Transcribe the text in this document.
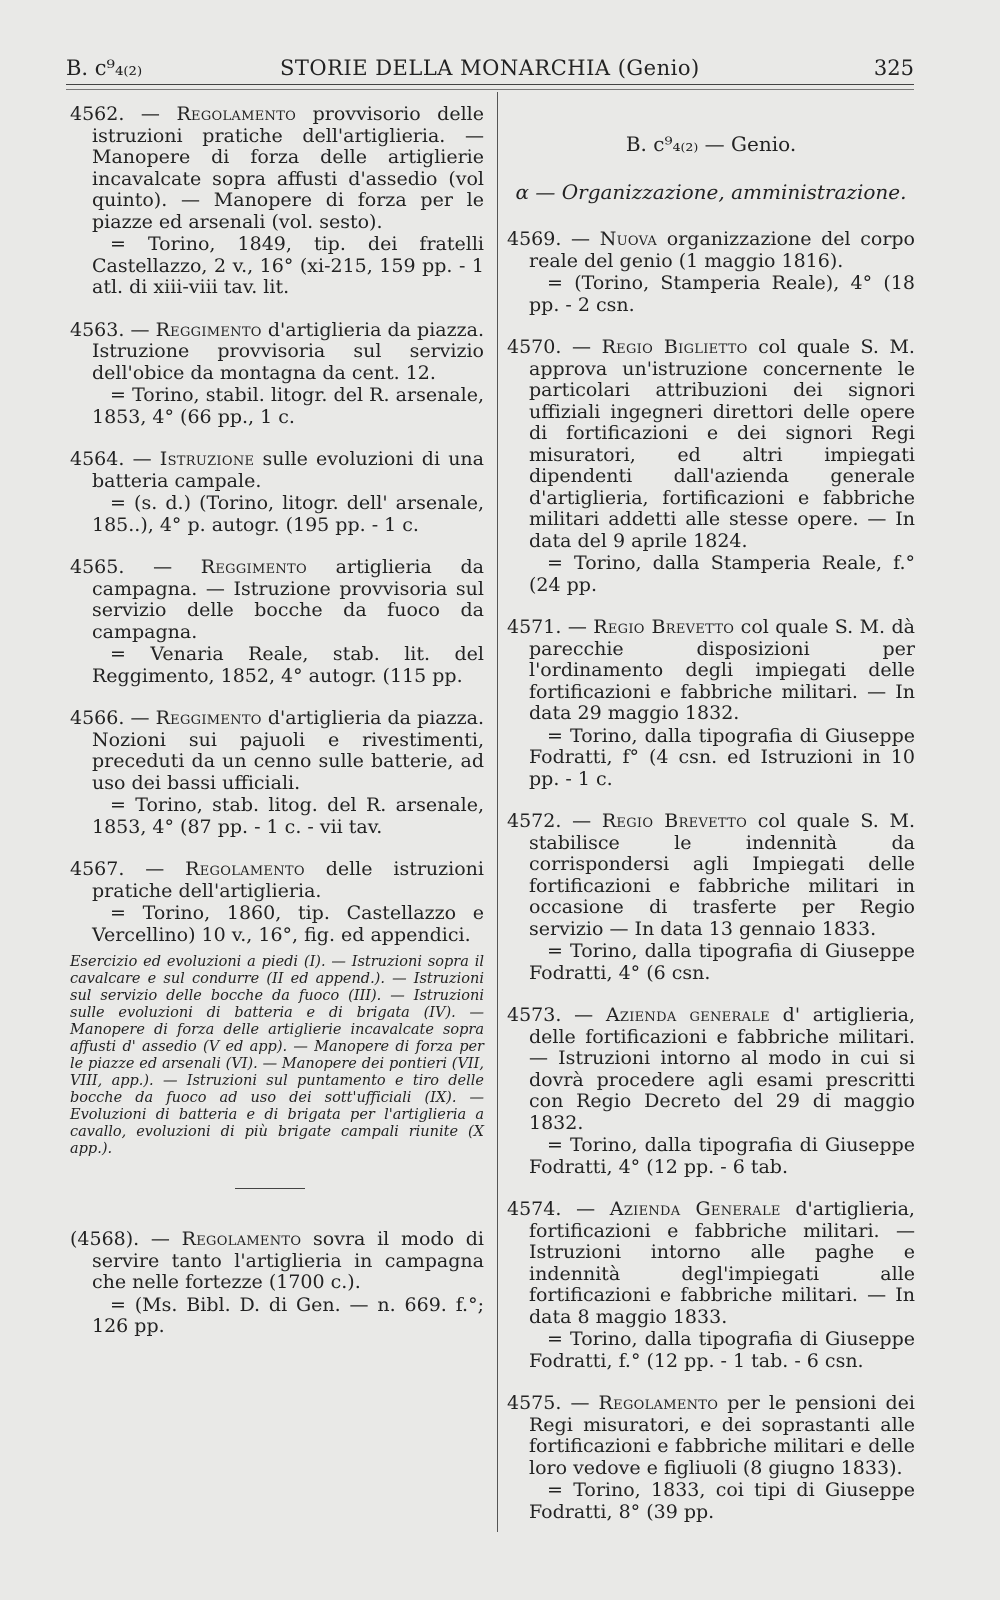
B. c⁹₄₍₂₎	STORIE DELLA MONARCHIA (Genio)	325

4562. — Regolamento provvisorio delle istruzioni pratiche dell'artiglieria. — Manopere di forza delle artiglierie incavalcate sopra affusti d'assedio (vol quinto). — Manopere di forza per le piazze ed arsenali (vol. sesto).

= Torino, 1849, tip. dei fratelli Castellazzo, 2 v., 16° (xi-215, 159 pp. - 1 atl. di xiii-viii tav. lit.

4563. — Reggimento d'artiglieria da piazza. Istruzione provvisoria sul servizio dell'obice da montagna da cent. 12.

= Torino, stabil. litogr. del R. arsenale, 1853, 4° (66 pp., 1 c.

4564. — Istruzione sulle evoluzioni di una batteria campale.

= (s. d.) (Torino, litogr. dell' arsenale, 185..), 4° p. autogr. (195 pp. - 1 c.

4565. — Reggimento artiglieria da campagna. — Istruzione provvisoria sul servizio delle bocche da fuoco da campagna.

= Venaria Reale, stab. lit. del Reggimento, 1852, 4° autogr. (115 pp.

4566. — Reggimento d'artiglieria da piazza. Nozioni sui pajuoli e rivestimenti, preceduti da un cenno sulle batterie, ad uso dei bassi ufficiali.

= Torino, stab. litog. del R. arsenale, 1853, 4° (87 pp. - 1 c. - vii tav.

4567. — Regolamento delle istruzioni pratiche dell'artiglieria.

= Torino, 1860, tip. Castellazzo e Vercellino) 10 v., 16°, fig. ed appendici.

Esercizio ed evoluzioni a piedi (I). — Istruzioni sopra il cavalcare e sul condurre (II ed append.). — Istruzioni sul servizio delle bocche da fuoco (III). — Istruzioni sulle evoluzioni di batteria e di brigata (IV). — Manopere di forza delle artiglierie incavalcate sopra affusti d' assedio (V ed app). — Manopere di forza per le piazze ed arsenali (VI). — Manopere dei pontieri (VII, VIII, app.). — Istruzioni sul puntamento e tiro delle bocche da fuoco ad uso dei sott'ufficiali (IX). — Evoluzioni di batteria e di brigata per l'artiglieria a cavallo, evoluzioni di più brigate campali riunite (X app.).

(4568). — Regolamento sovra il modo di servire tanto l'artiglieria in campagna che nelle fortezze (1700 c.).

= (Ms. Bibl. D. di Gen. — n. 669. f.°; 126 pp.

B. c⁹₄₍₂₎ — Genio.
α — Organizzazione, amministrazione.

4569. — Nuova organizzazione del corpo reale del genio (1 maggio 1816).

= (Torino, Stamperia Reale), 4° (18 pp. - 2 csn.

4570. — Regio Biglietto col quale S. M. approva un'istruzione concernente le particolari attribuzioni dei signori uffiziali ingegneri direttori delle opere di fortificazioni e dei signori Regi misuratori, ed altri impiegati dipendenti dall'azienda generale d'artiglieria, fortificazioni e fabbriche militari addetti alle stesse opere. — In data del 9 aprile 1824.

= Torino, dalla Stamperia Reale, f.° (24 pp.

4571. — Regio Brevetto col quale S. M. dà parecchie disposizioni per l'ordinamento degli impiegati delle fortificazioni e fabbriche militari. — In data 29 maggio 1832.

= Torino, dalla tipografia di Giuseppe Fodratti, f° (4 csn. ed Istruzioni in 10 pp. - 1 c.

4572. — Regio Brevetto col quale S. M. stabilisce le indennità da corrispondersi agli Impiegati delle fortificazioni e fabbriche militari in occasione di trasferte per Regio servizio — In data 13 gennaio 1833.

= Torino, dalla tipografia di Giuseppe Fodratti, 4° (6 csn.

4573. — Azienda generale d' artiglieria, delle fortificazioni e fabbriche militari. — Istruzioni intorno al modo in cui si dovrà procedere agli esami prescritti con Regio Decreto del 29 di maggio 1832.

= Torino, dalla tipografia di Giuseppe Fodratti, 4° (12 pp. - 6 tab.

4574. — Azienda Generale d'artiglieria, fortificazioni e fabbriche militari. — Istruzioni intorno alle paghe e indennità degl'impiegati alle fortificazioni e fabbriche militari. — In data 8 maggio 1833.

= Torino, dalla tipografia di Giuseppe Fodratti, f.° (12 pp. - 1 tab. - 6 csn.

4575. — Regolamento per le pensioni dei Regi misuratori, e dei soprastanti alle fortificazioni e fabbriche militari e delle loro vedove e figliuoli (8 giugno 1833).

= Torino, 1833, coi tipi di Giuseppe Fodratti, 8° (39 pp.
